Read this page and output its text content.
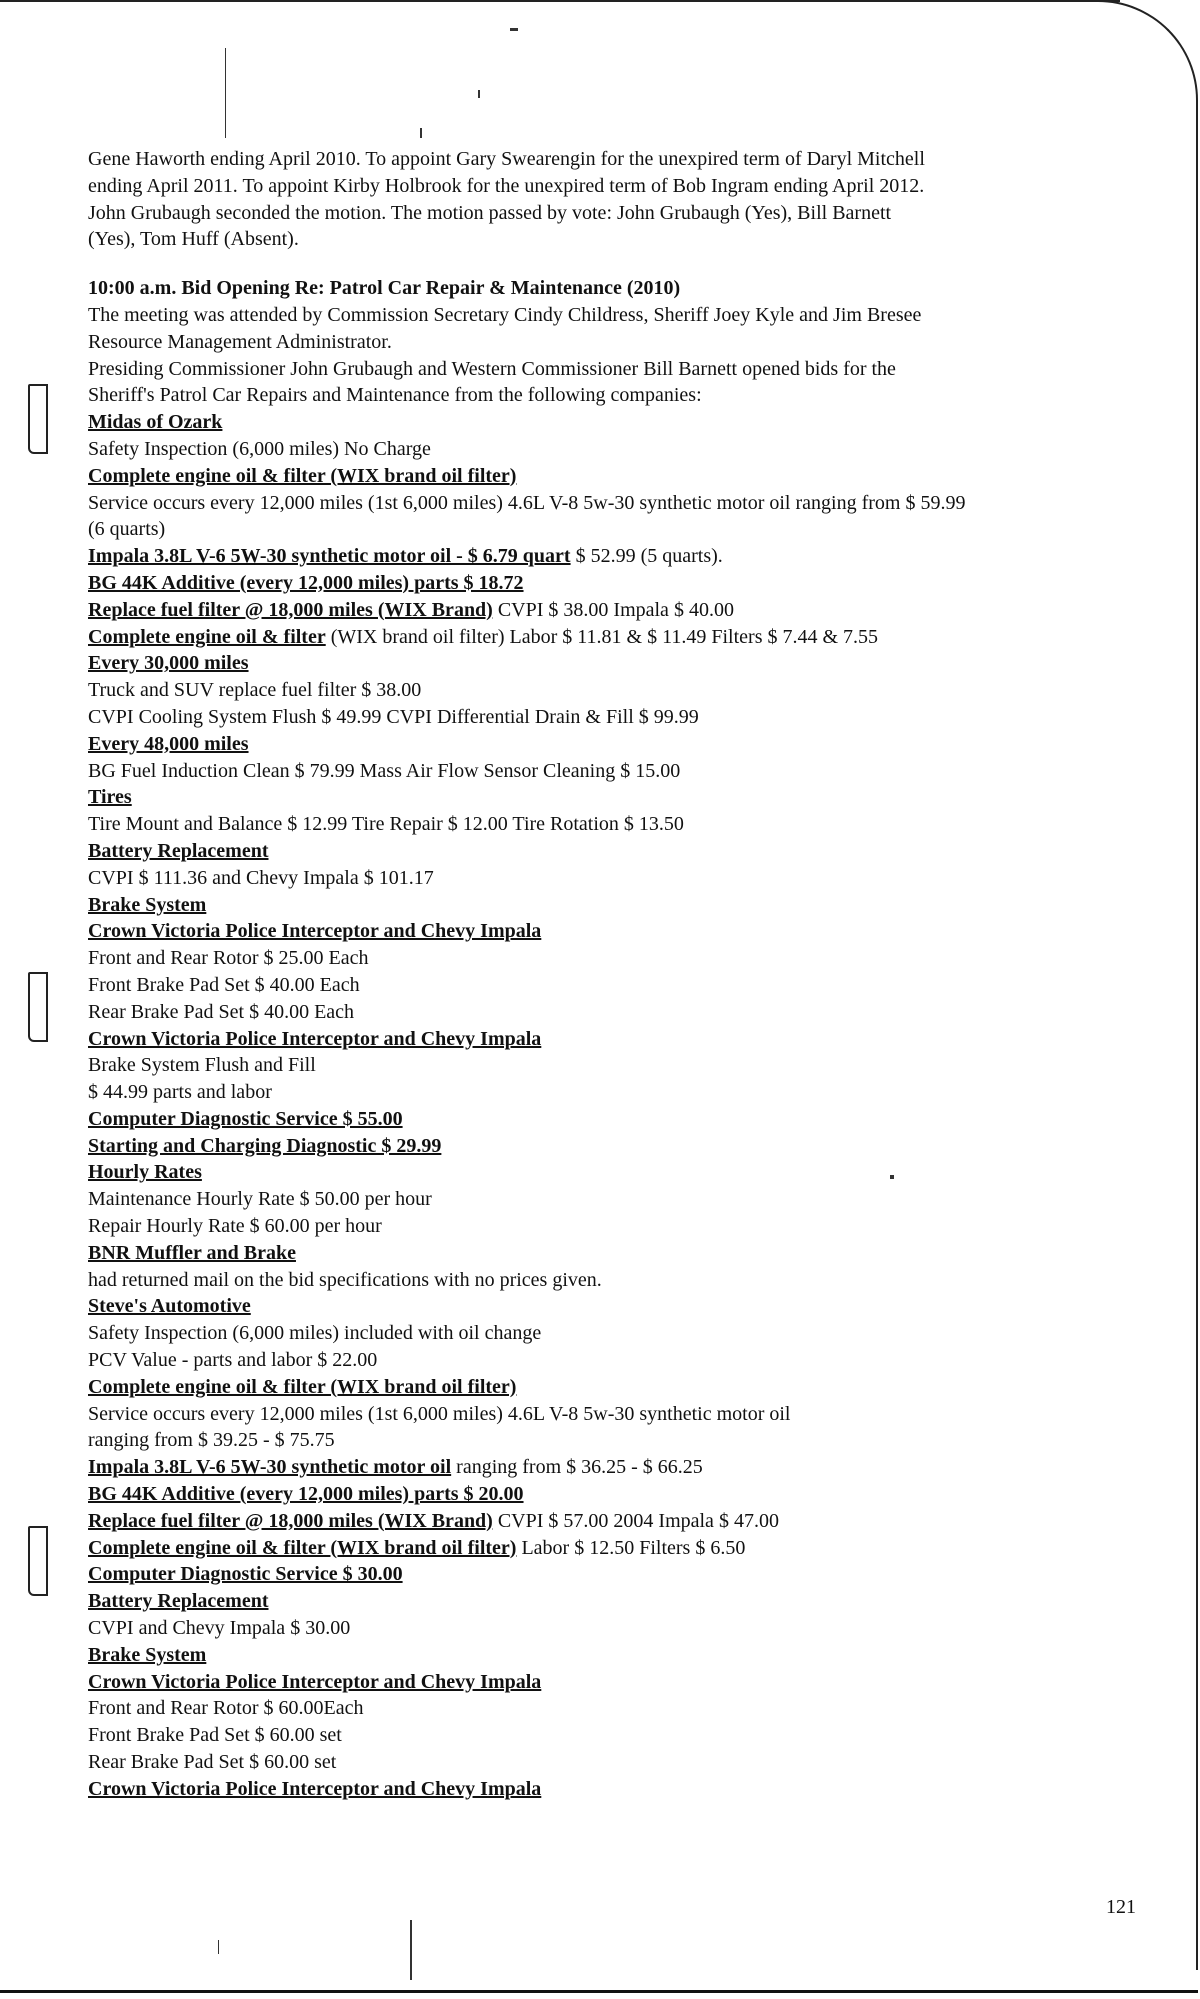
Gene Haworth ending April 2010. To appoint Gary Swearengin for the unexpired term of Daryl Mitchell

ending April 2011. To appoint Kirby Holbrook for the unexpired term of Bob Ingram ending April 2012.

John Grubaugh seconded the motion. The motion passed by vote: John Grubaugh (Yes), Bill Barnett

(Yes), Tom Huff (Absent).

10:00 a.m. Bid Opening Re: Patrol Car Repair & Maintenance (2010)

The meeting was attended by Commission Secretary Cindy Childress, Sheriff Joey Kyle and Jim Bresee

Resource Management Administrator.

Presiding Commissioner John Grubaugh and Western Commissioner Bill Barnett opened bids for the

Sheriff's Patrol Car Repairs and Maintenance from the following companies:

Midas of Ozark

Safety Inspection (6,000 miles) No Charge

Complete engine oil & filter (WIX brand oil filter)

Service occurs every 12,000 miles (1st 6,000 miles) 4.6L V-8 5w-30 synthetic motor oil ranging from $ 59.99

(6 quarts)

Impala 3.8L V-6 5W-30 synthetic motor oil - $ 6.79 quart $ 52.99 (5 quarts).

BG 44K Additive (every 12,000 miles) parts $ 18.72

Replace fuel filter @ 18,000 miles (WIX Brand) CVPI $ 38.00 Impala $ 40.00

Complete engine oil & filter (WIX brand oil filter) Labor $ 11.81 & $ 11.49 Filters $ 7.44 & 7.55

Every 30,000 miles

Truck and SUV replace fuel filter $ 38.00

CVPI Cooling System Flush $ 49.99 CVPI Differential Drain & Fill $ 99.99

Every 48,000 miles

BG Fuel Induction Clean $ 79.99 Mass Air Flow Sensor Cleaning $ 15.00

Tires

Tire Mount and Balance $ 12.99 Tire Repair $ 12.00 Tire Rotation $ 13.50

Battery Replacement

CVPI $ 111.36 and Chevy Impala $ 101.17

Brake System

Crown Victoria Police Interceptor and Chevy Impala

Front and Rear Rotor $ 25.00 Each

Front Brake Pad Set $ 40.00 Each

Rear Brake Pad Set $ 40.00 Each

Crown Victoria Police Interceptor and Chevy Impala

Brake System Flush and Fill

$ 44.99 parts and labor

Computer Diagnostic Service $ 55.00

Starting and Charging Diagnostic $ 29.99

Hourly Rates

Maintenance Hourly Rate $ 50.00 per hour

Repair Hourly Rate $ 60.00 per hour

BNR Muffler and Brake

had returned mail on the bid specifications with no prices given.

Steve's Automotive

Safety Inspection (6,000 miles) included with oil change

PCV Value - parts and labor $ 22.00

Complete engine oil & filter (WIX brand oil filter)

Service occurs every 12,000 miles (1st 6,000 miles) 4.6L V-8 5w-30 synthetic motor oil

ranging from $ 39.25 - $ 75.75

Impala 3.8L V-6 5W-30 synthetic motor oil ranging from $ 36.25 - $ 66.25

BG 44K Additive (every 12,000 miles) parts $ 20.00

Replace fuel filter @ 18,000 miles (WIX Brand) CVPI $ 57.00 2004 Impala $ 47.00

Complete engine oil & filter (WIX brand oil filter) Labor $ 12.50 Filters $ 6.50

Computer Diagnostic Service $ 30.00

Battery Replacement

CVPI and Chevy Impala $ 30.00

Brake System

Crown Victoria Police Interceptor and Chevy Impala

Front and Rear Rotor $ 60.00Each

Front Brake Pad Set $ 60.00 set

Rear Brake Pad Set $ 60.00 set

Crown Victoria Police Interceptor and Chevy Impala

121
